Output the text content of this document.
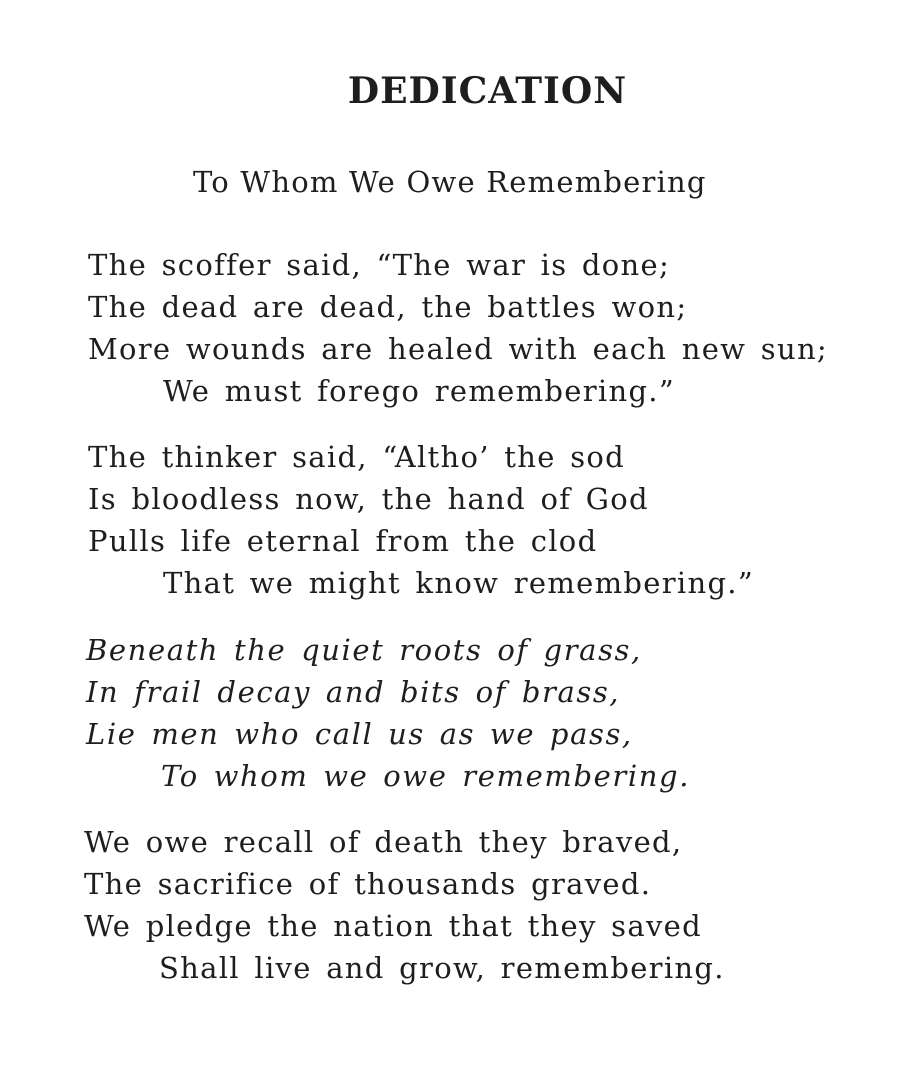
DEDICATION
To Whom We Owe Remembering
The scoffer said, “The war is done;
The dead are dead, the battles won;
More wounds are healed with each new sun;
We must forego remembering.”
The thinker said, “Altho’ the sod
Is bloodless now, the hand of God
Pulls life eternal from the clod
That we might know remembering.”
Beneath the quiet roots of grass,
In frail decay and bits of brass,
Lie men who call us as we pass,
To whom we owe remembering.
We owe recall of death they braved,
The sacrifice of thousands graved.
We pledge the nation that they saved
Shall live and grow, remembering.
